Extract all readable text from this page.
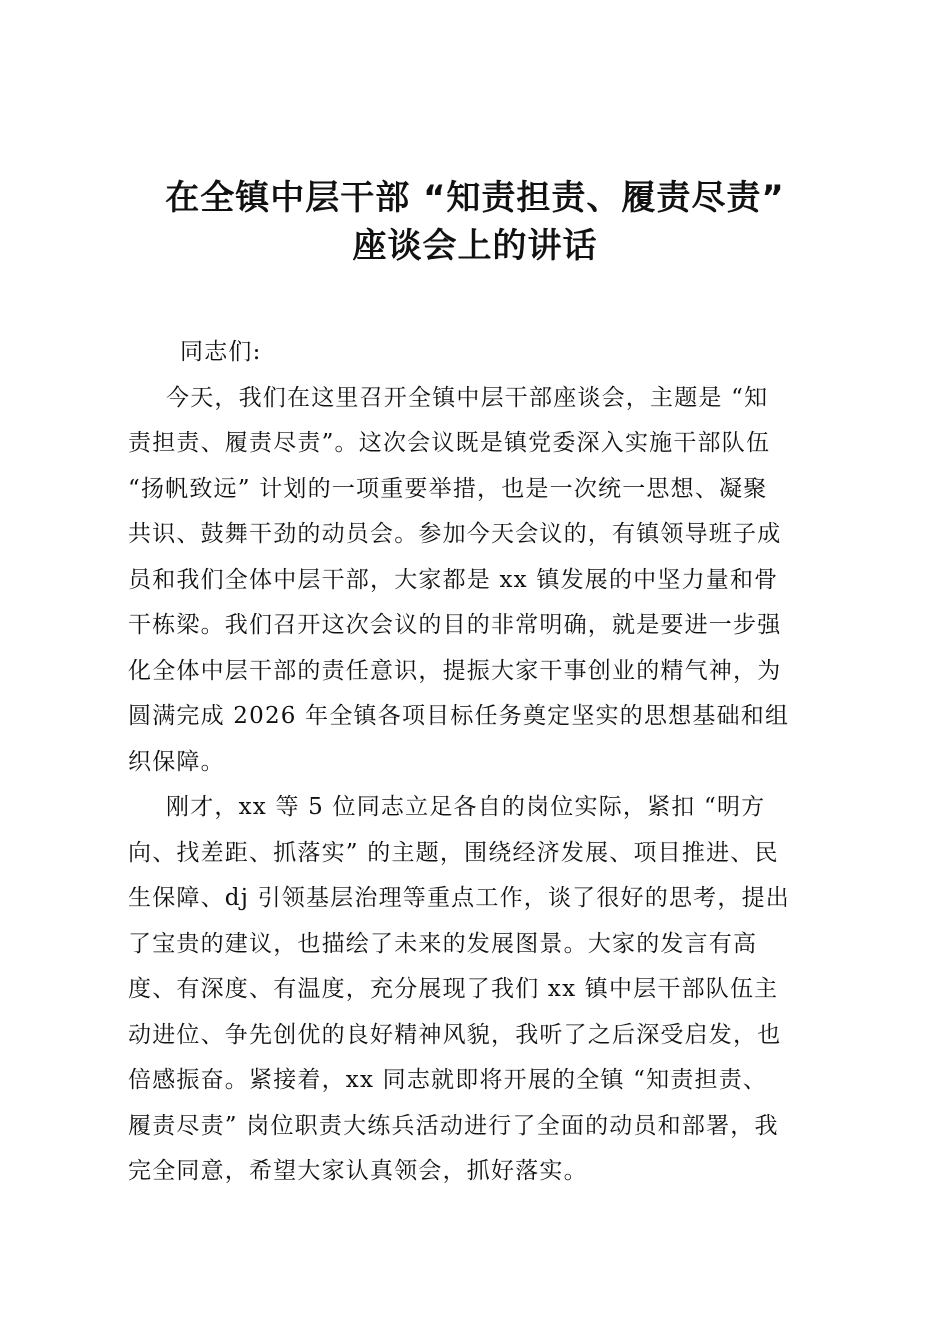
在全镇中层干部 “知责担责、履责尽责”
座谈会上的讲话

同志们:

今天，我们在这里召开全镇中层干部座谈会，主题是 “知

责担责、履责尽责”。这次会议既是镇党委深入实施干部队伍

“扬帆致远” 计划的一项重要举措，也是一次统一思想、凝聚

共识、鼓舞干劲的动员会。参加今天会议的，有镇领导班子成

员和我们全体中层干部，大家都是 xx 镇发展的中坚力量和骨

干栋梁。我们召开这次会议的目的非常明确，就是要进一步强

化全体中层干部的责任意识，提振大家干事创业的精气神，为

圆满完成 2026 年全镇各项目标任务奠定坚实的思想基础和组

织保障。

刚才，xx 等 5 位同志立足各自的岗位实际，紧扣 “明方

向、找差距、抓落实” 的主题，围绕经济发展、项目推进、民

生保障、dj 引领基层治理等重点工作，谈了很好的思考，提出

了宝贵的建议，也描绘了未来的发展图景。大家的发言有高

度、有深度、有温度，充分展现了我们 xx 镇中层干部队伍主

动进位、争先创优的良好精神风貌，我听了之后深受启发，也

倍感振奋。紧接着，xx 同志就即将开展的全镇 “知责担责、

履责尽责” 岗位职责大练兵活动进行了全面的动员和部署，我

完全同意，希望大家认真领会，抓好落实。
